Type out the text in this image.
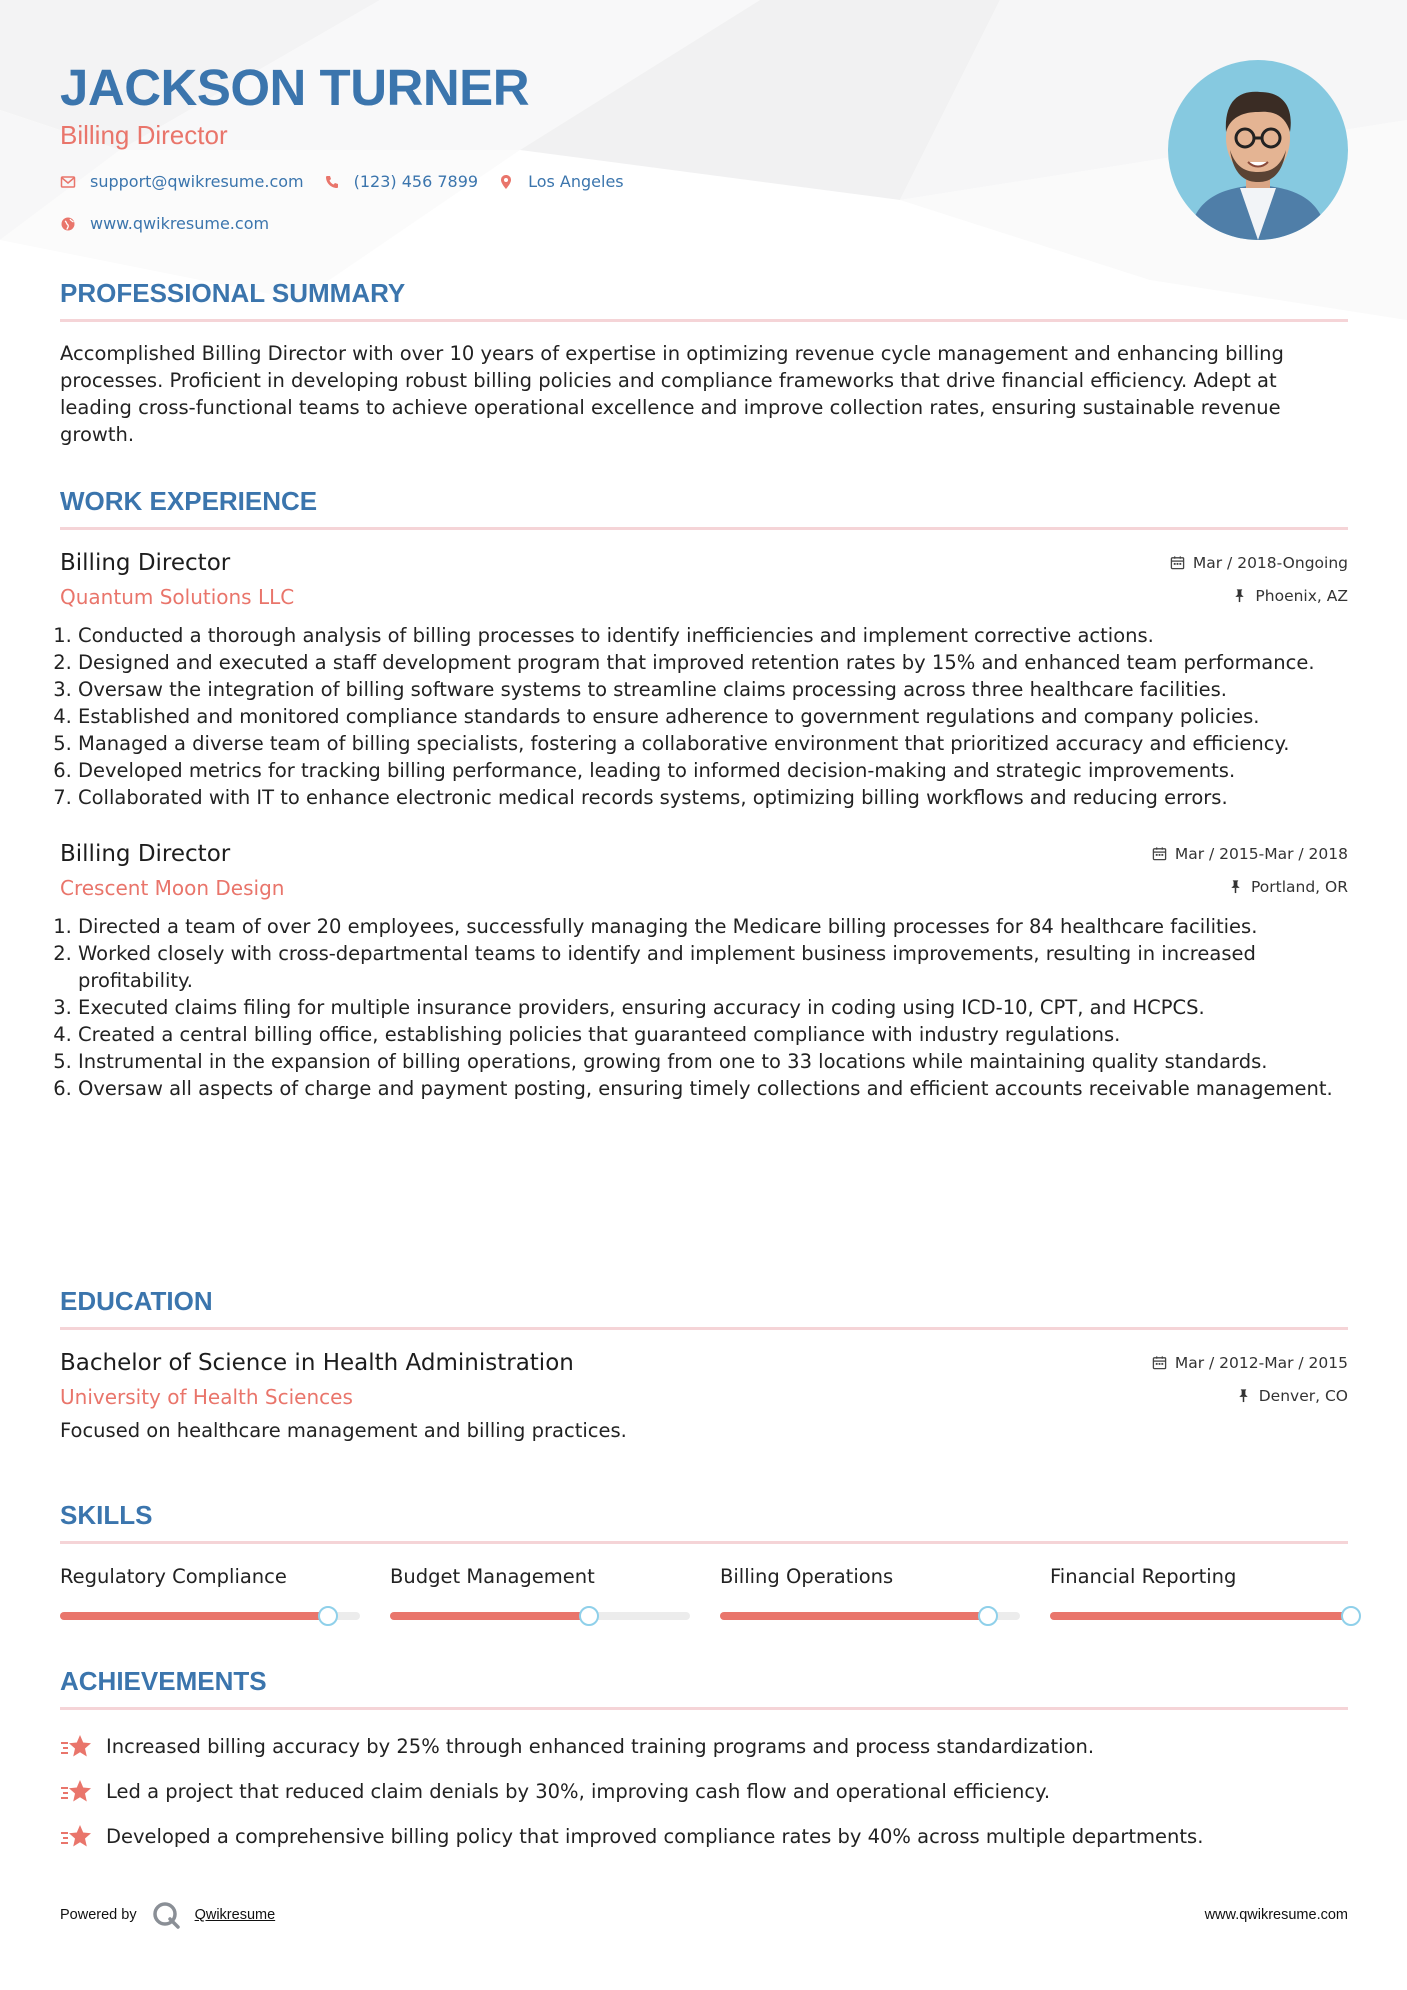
JACKSON TURNER
Billing Director
support@qwikresume.com	(123) 456 7899	Los Angeles
www.qwikresume.com
PROFESSIONAL SUMMARY

Accomplished Billing Director with over 10 years of expertise in optimizing revenue cycle management and enhancing billing processes. Proficient in developing robust billing policies and compliance frameworks that drive financial efficiency. Adept at leading cross-functional teams to achieve operational excellence and improve collection rates, ensuring sustainable revenue growth.

WORK EXPERIENCE
Billing Director
Quantum Solutions LLC
Mar / 2018-Ongoing
Phoenix, AZ
1. Conducted a thorough analysis of billing processes to identify inefficiencies and implement corrective actions.
2. Designed and executed a staff development program that improved retention rates by 15% and enhanced team performance.
3. Oversaw the integration of billing software systems to streamline claims processing across three healthcare facilities.
4. Established and monitored compliance standards to ensure adherence to government regulations and company policies.
5. Managed a diverse team of billing specialists, fostering a collaborative environment that prioritized accuracy and efficiency.
6. Developed metrics for tracking billing performance, leading to informed decision-making and strategic improvements.
7. Collaborated with IT to enhance electronic medical records systems, optimizing billing workflows and reducing errors.
Billing Director
Crescent Moon Design
Mar / 2015-Mar / 2018
Portland, OR
1. Directed a team of over 20 employees, successfully managing the Medicare billing processes for 84 healthcare facilities.
2. Worked closely with cross-departmental teams to identify and implement business improvements, resulting in increased profitability.
3. Executed claims filing for multiple insurance providers, ensuring accuracy in coding using ICD-10, CPT, and HCPCS.
4. Created a central billing office, establishing policies that guaranteed compliance with industry regulations.
5. Instrumental in the expansion of billing operations, growing from one to 33 locations while maintaining quality standards.
6. Oversaw all aspects of charge and payment posting, ensuring timely collections and efficient accounts receivable management.
EDUCATION
Bachelor of Science in Health Administration
University of Health Sciences
Mar / 2012-Mar / 2015
Denver, CO
Focused on healthcare management and billing practices.
SKILLS
Regulatory Compliance	Budget Management	Billing Operations	Financial Reporting
ACHIEVEMENTS
Increased billing accuracy by 25% through enhanced training programs and process standardization.
Led a project that reduced claim denials by 30%, improving cash flow and operational efficiency.
Developed a comprehensive billing policy that improved compliance rates by 40% across multiple departments.
Powered by	Qwikresume	www.qwikresume.com
